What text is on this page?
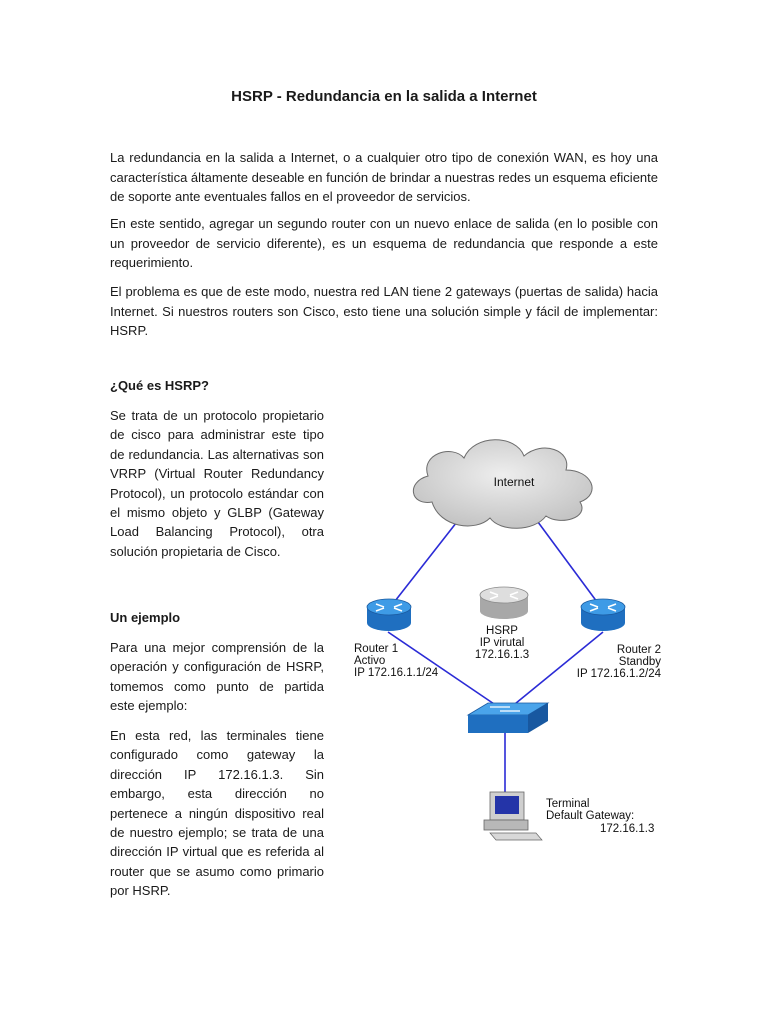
HSRP - Redundancia en la salida a Internet

La redundancia en la salida a Internet, o a cualquier otro tipo de conexión WAN, es hoy una característica áltamente deseable en función de brindar a nuestras redes un esquema eficiente de soporte ante eventuales fallos en el proveedor de servicios.

En este sentido, agregar un segundo router con un nuevo enlace de salida (en lo posible con un proveedor de servicio diferente), es un esquema de redundancia que responde a este requerimiento.

El problema es que de este modo, nuestra red LAN tiene 2 gateways (puertas de salida) hacia Internet. Si nuestros routers son Cisco, esto tiene una solución simple y fácil de implementar: HSRP.

¿Qué es HSRP?

Se trata de un protocolo propietario de cisco para administrar este tipo de redundancia. Las alternativas son VRRP (Virtual Router Redundancy Protocol), un protocolo estándar con el mismo objeto y GLBP (Gateway Load Balancing Protocol), otra solución propietaria de Cisco.

Un ejemplo

Para una mejor comprensión de la operación y configuración de HSRP, tomemos como punto de partida este ejemplo:

En esta red, las terminales tiene configurado como gateway la dirección IP 172.16.1.3. Sin embargo, esta dirección no pertenece a ningún dispositivo real de nuestro ejemplo; se trata de una dirección IP virtual que es referida al router que se asumo como primario por HSRP.

Internet
Router 1
Activo
IP 172.16.1.1/24
HSRP
IP virutal
172.16.1.3	Router 2
Standby
IP 172.16.1.2/24
Terminal
Default Gateway:
172.16.1.3
